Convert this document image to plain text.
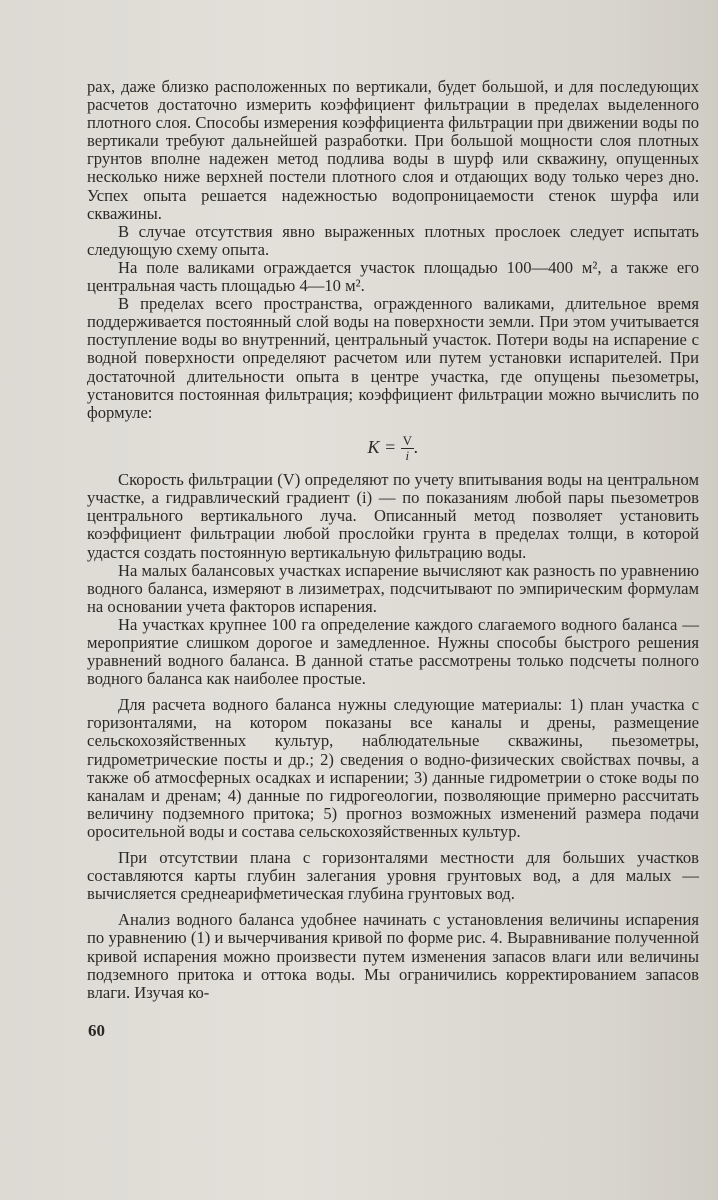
рах, даже близко расположенных по вертикали, будет большой, и для последующих расчетов достаточно измерить коэффициент фильтрации в пределах выделенного плотного слоя. Способы измерения коэффициента фильтрации при движении воды по вертикали требуют дальнейшей разработки. При большой мощности слоя плотных грунтов вполне надежен метод подлива воды в шурф или скважину, опущенных несколько ниже верхней постели плотного слоя и отдающих воду только через дно. Успех опыта решается надежностью водопроницаемости стенок шурфа или скважины.

В случае отсутствия явно выраженных плотных прослоек следует испытать следующую схему опыта.

На поле валиками ограждается участок площадью 100—400 м², а также его центральная часть площадью 4—10 м².

В пределах всего пространства, огражденного валиками, длительное время поддерживается постоянный слой воды на поверхности земли. При этом учитывается поступление воды во внутренний, центральный участок. Потери воды на испарение с водной поверхности определяют расчетом или путем установки испарителей. При достаточной длительности опыта в центре участка, где опущены пьезометры, установится постоянная фильтрация; коэффициент фильтрации можно вычислить по формуле:

$K = \frac{V}{i}$ .

Скорость фильтрации (V) определяют по учету впитывания воды на центральном участке, а гидравлический градиент (i) — по показаниям любой пары пьезометров центрального вертикального луча. Описанный метод позволяет установить коэффициент фильтрации любой прослойки грунта в пределах толщи, в которой удастся создать постоянную вертикальную фильтрацию воды.

На малых балансовых участках испарение вычисляют как разность по уравнению водного баланса, измеряют в лизиметрах, подсчитывают по эмпирическим формулам на основании учета факторов испарения.

На участках крупнее 100 га определение каждого слагаемого водного баланса — мероприятие слишком дорогое и замедленное. Нужны способы быстрого решения уравнений водного баланса. В данной статье рассмотрены только подсчеты полного водного баланса как наиболее простые.

Для расчета водного баланса нужны следующие материалы: 1) план участка с горизонталями, на котором показаны все каналы и дрены, размещение сельскохозяйственных культур, наблюдательные скважины, пьезометры, гидрометрические посты и др.; 2) сведения о водно-физических свойствах почвы, а также об атмосферных осадках и испарении; 3) данные гидрометрии о стоке воды по каналам и дренам; 4) данные по гидрогеологии, позволяющие примерно рассчитать величину подземного притока; 5) прогноз возможных изменений размера подачи оросительной воды и состава сельскохозяйственных культур.

При отсутствии плана с горизонталями местности для больших участков составляются карты глубин залегания уровня грунтовых вод, а для малых — вычисляется среднеарифметическая глубина грунтовых вод.

Анализ водного баланса удобнее начинать с установления величины испарения по уравнению (1) и вычерчивания кривой по форме рис. 4. Выравнивание полученной кривой испарения можно произвести путем изменения запасов влаги или величины подземного притока и оттока воды. Мы ограничились корректированием запасов влаги. Изучая ко-

60
